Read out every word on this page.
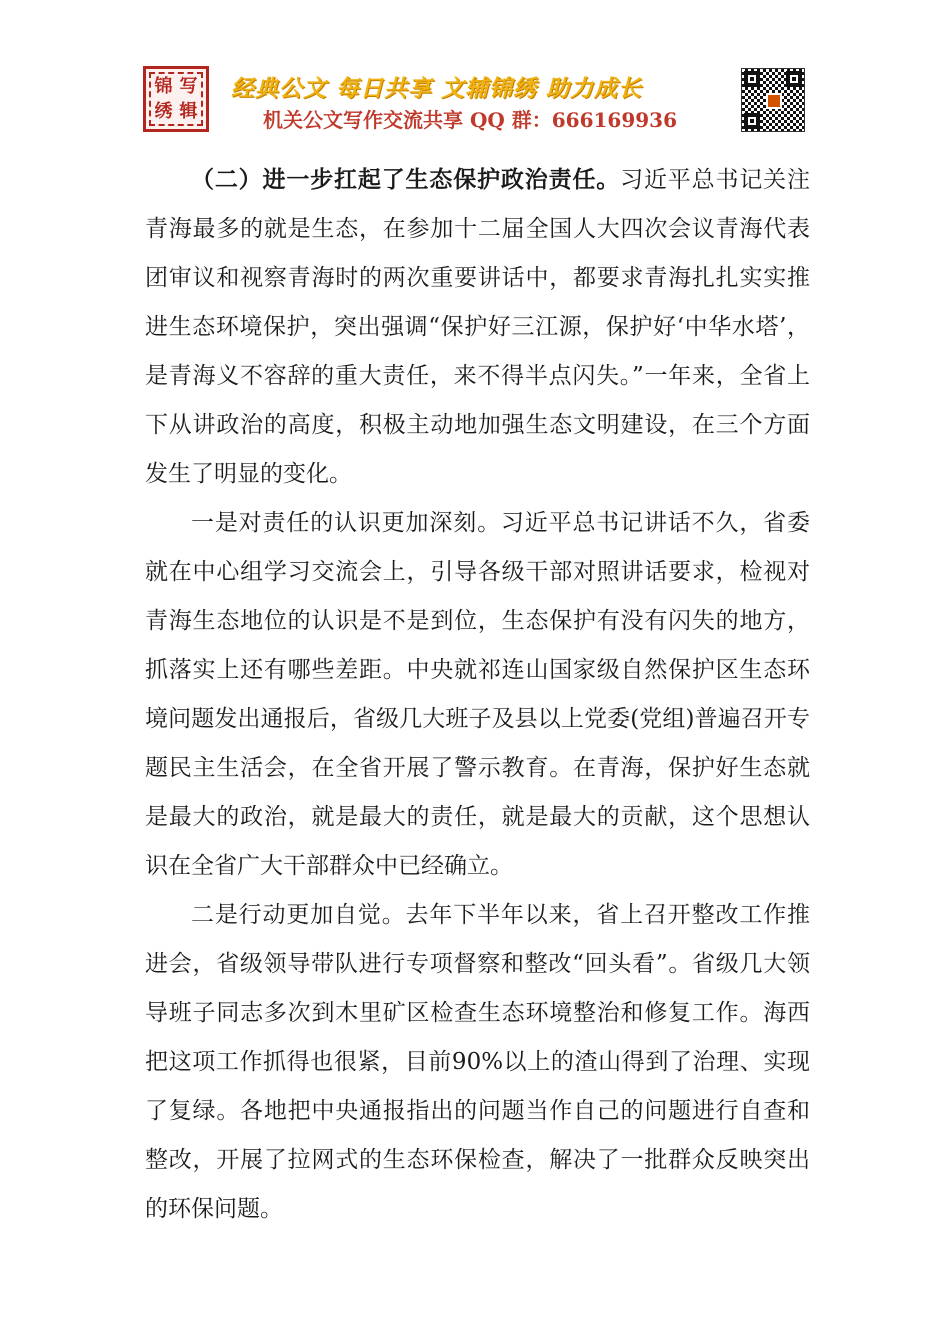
锦 写
绣 辑
经典公文 每日共享 文辅锦绣 助力成长
机关公文写作交流共享 QQ 群：666169936

（二）进一步扛起了生态保护政治责任。习近平总书记关注青海最多的就是生态，在参加十二届全国人大四次会议青海代表团审议和视察青海时的两次重要讲话中，都要求青海扎扎实实推进生态环境保护，突出强调“保护好三江源，保护好‘中华水塔’，是青海义不容辞的重大责任，来不得半点闪失。”一年来，全省上下从讲政治的高度，积极主动地加强生态文明建设，在三个方面发生了明显的变化。

一是对责任的认识更加深刻。习近平总书记讲话不久，省委就在中心组学习交流会上，引导各级干部对照讲话要求，检视对青海生态地位的认识是不是到位，生态保护有没有闪失的地方，抓落实上还有哪些差距。中央就祁连山国家级自然保护区生态环境问题发出通报后，省级几大班子及县以上党委(党组)普遍召开专题民主生活会，在全省开展了警示教育。在青海，保护好生态就是最大的政治，就是最大的责任，就是最大的贡献，这个思想认识在全省广大干部群众中已经确立。

二是行动更加自觉。去年下半年以来，省上召开整改工作推进会，省级领导带队进行专项督察和整改“回头看”。省级几大领导班子同志多次到木里矿区检查生态环境整治和修复工作。海西把这项工作抓得也很紧，目前90%以上的渣山得到了治理、实现了复绿。各地把中央通报指出的问题当作自己的问题进行自查和整改，开展了拉网式的生态环保检查，解决了一批群众反映突出的环保问题。
